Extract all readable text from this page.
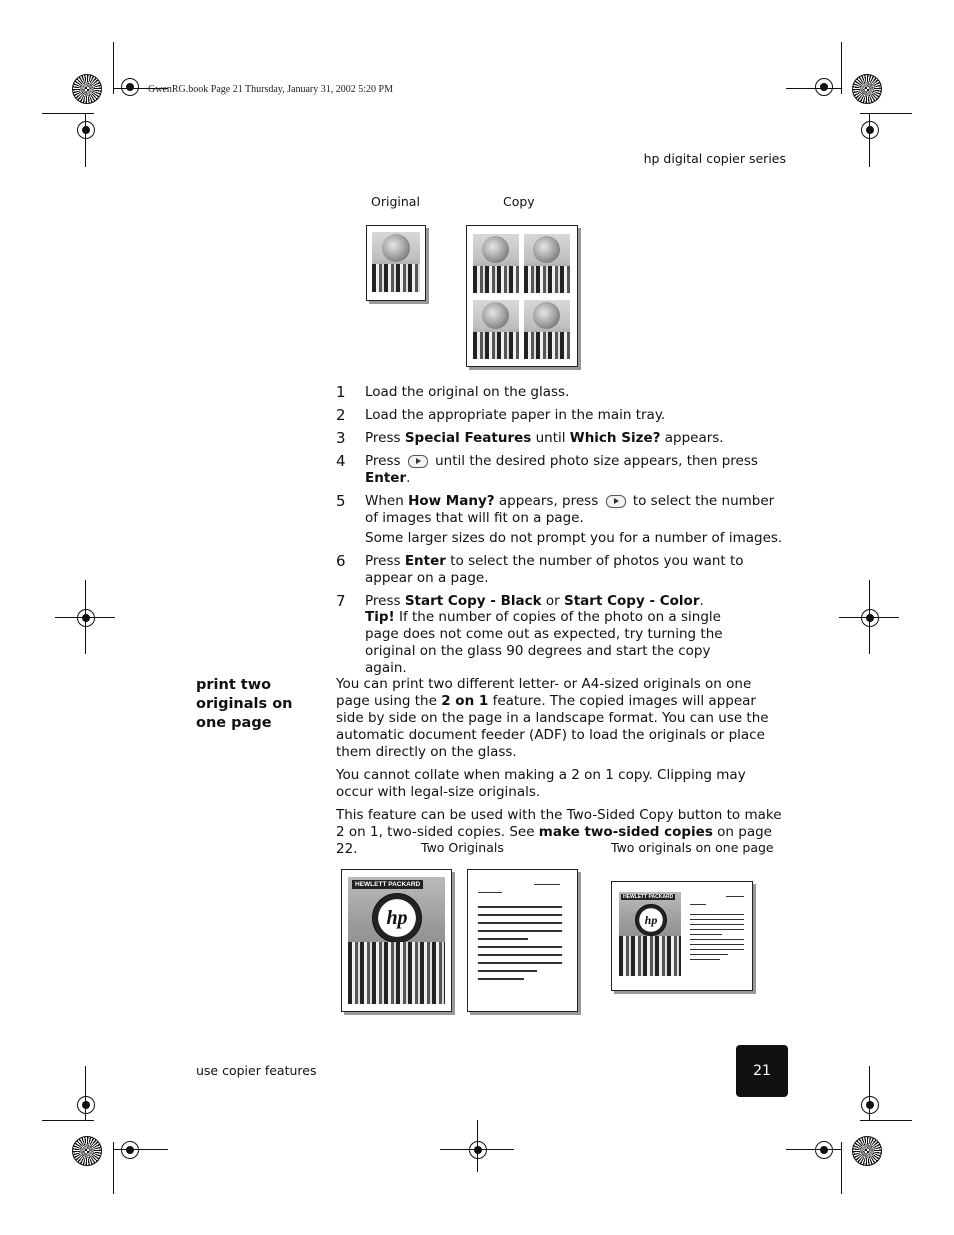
GwenRG.book Page 21 Thursday, January 31, 2002 5:20 PM
hp digital copier series
Original	Copy
1 Load the original on the glass.
2 Load the appropriate paper in the main tray.
3 Press Special Features until Which Size? appears.
4 Press  until the desired photo size appears, then press Enter.
5 When How Many? appears, press  to select the number of images that will fit on a page.
Some larger sizes do not prompt you for a number of images.
6 Press Enter to select the number of photos you want to appear on a page.
7 Press Start Copy - Black or Start Copy - Color.
Tip! If the number of copies of the photo on a single page does not come out as expected, try turning the original on the glass 90 degrees and start the copy again.
print two originals on one page

You can print two different letter- or A4-sized originals on one page using the 2 on 1 feature. The copied images will appear side by side on the page in a landscape format. You can use the automatic document feeder (ADF) to load the originals or place them directly on the glass.

You cannot collate when making a 2 on 1 copy. Clipping may occur with legal-size originals.

This feature can be used with the Two-Sided Copy button to make 2 on 1, two-sided copies. See make two-sided copies on page 22.	Two Originals	Two originals on one page
HEWLETT PACKARD
hp
HEWLETT PACKARD
hp
use copier features	21
